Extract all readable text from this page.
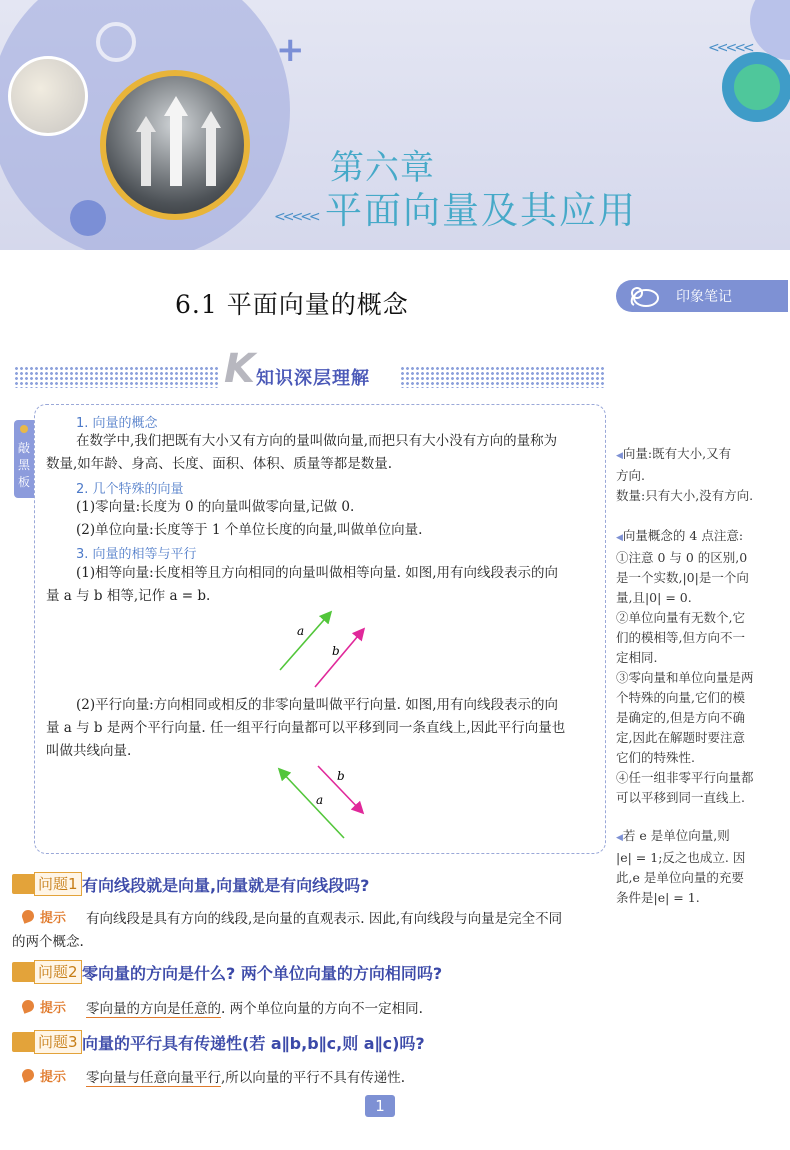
+	<<<<<
<<<<<
第六章
平面向量及其应用
6.1 平面向量的概念	印象笔记
K 知识深层理解
敲黑板
1. 向量的概念
在数学中,我们把既有大小又有方向的量叫做向量,而把只有大小没有方向的量称为
数量,如年龄、身高、长度、面积、体积、质量等都是数量.
2. 几个特殊的向量
(1)零向量:长度为 0 的向量叫做零向量,记做 0.
(2)单位向量:长度等于 1 个单位长度的向量,叫做单位向量.
3. 向量的相等与平行
(1)相等向量:长度相等且方向相同的向量叫做相等向量. 如图,用有向线段表示的向
量 a 与 b 相等,记作 a = b.
a
b
(2)平行向量:方向相同或相反的非零向量叫做平行向量. 如图,用有向线段表示的向
量 a 与 b 是两个平行向量. 任一组平行向量都可以平移到同一条直线上,因此平行向量也
叫做共线向量.
a
b
问题1 有向线段就是向量,向量就是有向线段吗?
提示 有向线段是具有方向的线段,是向量的直观表示. 因此,有向线段与向量是完全不同
的两个概念.
问题2 零向量的方向是什么? 两个单位向量的方向相同吗?
提示 零向量的方向是任意的. 两个单位向量的方向不一定相同.
问题3 向量的平行具有传递性(若 a∥b,b∥c,则 a∥c)吗?
提示 零向量与任意向量平行,所以向量的平行不具有传递性.
◀向量:既有大小,又有
方向.
数量:只有大小,没有方向.
◀向量概念的 4 点注意:
①注意 0 与 0 的区别,0
是一个实数,|0|是一个向
量,且|0| = 0.
②单位向量有无数个,它
们的模相等,但方向不一
定相同.
③零向量和单位向量是两
个特殊的向量,它们的模
是确定的,但是方向不确
定,因此在解题时要注意
它们的特殊性.
④任一组非零平行向量都
可以平移到同一直线上.
◀若 e 是单位向量,则
|e| = 1;反之也成立. 因
此,e 是单位向量的充要
条件是|e| = 1.
1
